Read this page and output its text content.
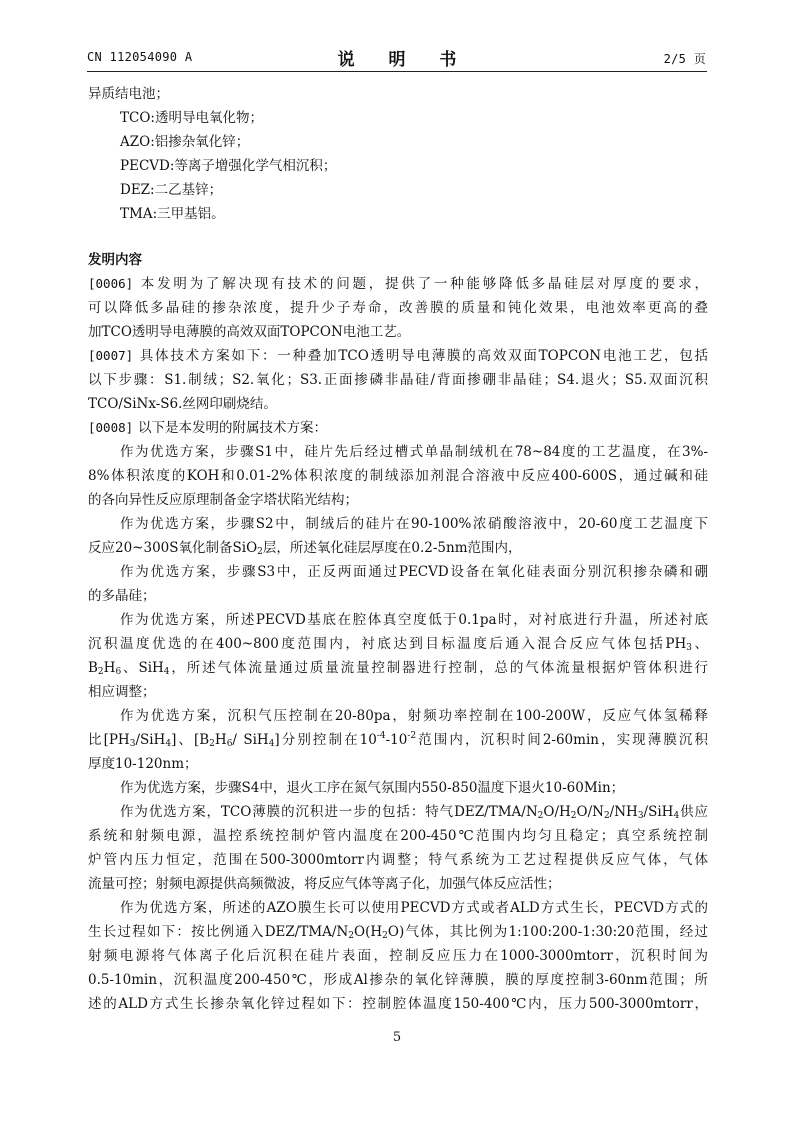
CN 112054090 A	说 明 书	2/5 页
异质结电池；
TCO:透明导电氧化物；
AZO:铝掺杂氧化锌；
PECVD:等离子增强化学气相沉积；
DEZ:二乙基锌；
TMA:三甲基铝。
发明内容
[0006] 本发明为了解决现有技术的问题，提供了一种能够降低多晶硅层对厚度的要求，
可以降低多晶硅的掺杂浓度，提升少子寿命，改善膜的质量和钝化效果，电池效率更高的叠
加TCO透明导电薄膜的高效双面TOPCON电池工艺。
[0007] 具体技术方案如下：一种叠加TCO透明导电薄膜的高效双面TOPCON电池工艺，包括
以下步骤：S1.制绒；S2.氧化；S3.正面掺磷非晶硅/背面掺硼非晶硅；S4.退火；S5.双面沉积
TCO/SiNx-S6.丝网印刷烧结。
[0008] 以下是本发明的附属技术方案：
作为优选方案，步骤S1中，硅片先后经过槽式单晶制绒机在78~84度的工艺温度，在3%-
8%体积浓度的KOH和0.01-2%体积浓度的制绒添加剂混合溶液中反应400-600S，通过碱和硅
的各向异性反应原理制备金字塔状陷光结构；
作为优选方案，步骤S2中，制绒后的硅片在90-100%浓硝酸溶液中，20-60度工艺温度下
反应20~300S氧化制备SiO$_2$层，所述氧化硅层厚度在0.2-5nm范围内，
作为优选方案，步骤S3中，正反两面通过PECVD设备在氧化硅表面分别沉积掺杂磷和硼
的多晶硅；
作为优选方案，所述PECVD基底在腔体真空度低于0.1pa时，对衬底进行升温，所述衬底
沉积温度优选的在400~800度范围内，衬底达到目标温度后通入混合反应气体包括$PH_3$、
$B_2H_6$、SiH$_4$，所述气体流量通过质量流量控制器进行控制，总的气体流量根据炉管体积进行
相应调整；
作为优选方案，沉积气压控制在20-80pa，射频功率控制在100-200W，反应气体氢稀释
比$[PH_3/SiH_4]$、[$B_2H_6/$ SiH$_4$]分别控制在$10^{-4}-10^{-2}$范围内，沉积时间2-60min，实现薄膜沉积
厚度10-120nm；
作为优选方案，步骤S4中，退火工序在氮气氛围内550-850温度下退火10-60Min；
作为优选方案，TCO薄膜的沉积进一步的包括：特气DEZ/$TMA/N_2O/H_2O/N_2/NH_3/SiH_4$供应
系统和射频电源，温控系统控制炉管内温度在200-450℃范围内均匀且稳定；真空系统控制
炉管内压力恒定，范围在500-3000mtorr内调整；特气系统为工艺过程提供反应气体，气体
流量可控；射频电源提供高频微波，将反应气体等离子化，加强气体反应活性；
作为优选方案，所述的AZO膜生长可以使用PECVD方式或者ALD方式生长，PECVD方式的
生长过程如下：按比例通入DEZ/$TMA/N_2O(H_2O)$气体，其比例为1:100:200-1:30:20范围，经过
射频电源将气体离子化后沉积在硅片表面，控制反应压力在1000-3000mtorr，沉积时间为
0.5-10min，沉积温度200-450℃，形成Al掺杂的氧化锌薄膜，膜的厚度控制3-60nm范围；所
述的ALD方式生长掺杂氧化锌过程如下：控制腔体温度150-400℃内，压力500-3000mtorr，
5
